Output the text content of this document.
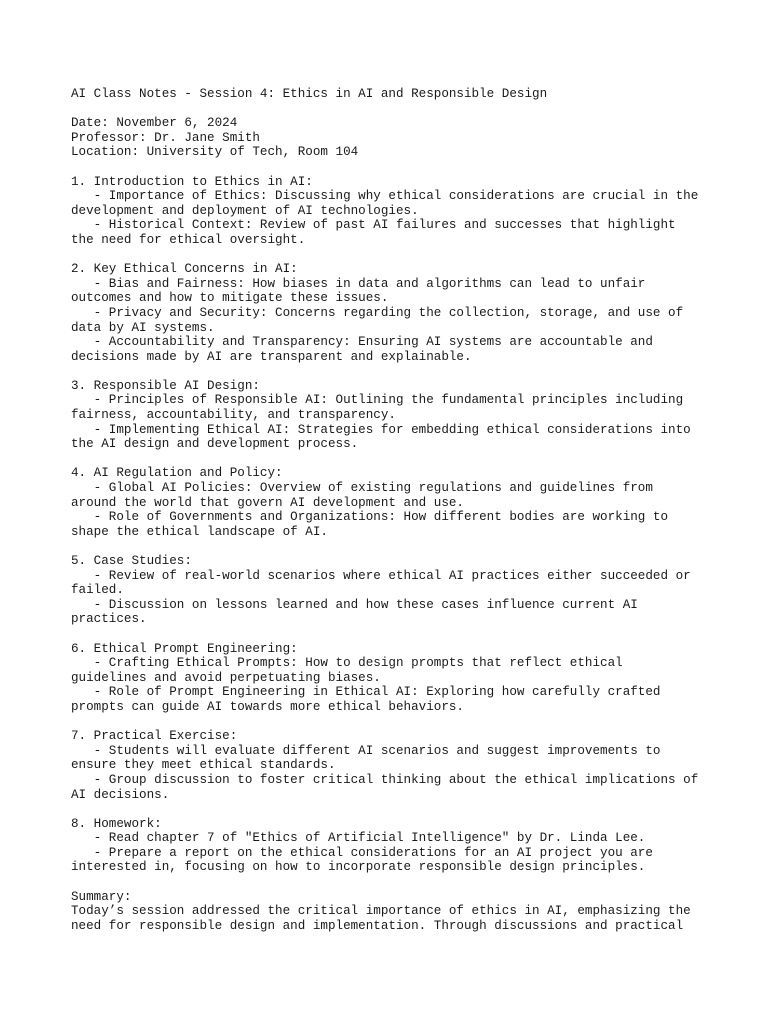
AI Class Notes - Session 4: Ethics in AI and Responsible Design
Date: November 6, 2024
Professor: Dr. Jane Smith
Location: University of Tech, Room 104
1. Introduction to Ethics in AI:
- Importance of Ethics: Discussing why ethical considerations are crucial in the
development and deployment of AI technologies.
- Historical Context: Review of past AI failures and successes that highlight
the need for ethical oversight.
2. Key Ethical Concerns in AI:
- Bias and Fairness: How biases in data and algorithms can lead to unfair
outcomes and how to mitigate these issues.
- Privacy and Security: Concerns regarding the collection, storage, and use of
data by AI systems.
- Accountability and Transparency: Ensuring AI systems are accountable and
decisions made by AI are transparent and explainable.
3. Responsible AI Design:
- Principles of Responsible AI: Outlining the fundamental principles including
fairness, accountability, and transparency.
- Implementing Ethical AI: Strategies for embedding ethical considerations into
the AI design and development process.
4. AI Regulation and Policy:
- Global AI Policies: Overview of existing regulations and guidelines from
around the world that govern AI development and use.
- Role of Governments and Organizations: How different bodies are working to
shape the ethical landscape of AI.
5. Case Studies:
- Review of real-world scenarios where ethical AI practices either succeeded or
failed.
- Discussion on lessons learned and how these cases influence current AI
practices.
6. Ethical Prompt Engineering:
- Crafting Ethical Prompts: How to design prompts that reflect ethical
guidelines and avoid perpetuating biases.
- Role of Prompt Engineering in Ethical AI: Exploring how carefully crafted
prompts can guide AI towards more ethical behaviors.
7. Practical Exercise:
- Students will evaluate different AI scenarios and suggest improvements to
ensure they meet ethical standards.
- Group discussion to foster critical thinking about the ethical implications of
AI decisions.
8. Homework:
- Read chapter 7 of "Ethics of Artificial Intelligence" by Dr. Linda Lee.
- Prepare a report on the ethical considerations for an AI project you are
interested in, focusing on how to incorporate responsible design principles.
Summary:
Today’s session addressed the critical importance of ethics in AI, emphasizing the
need for responsible design and implementation. Through discussions and practical
